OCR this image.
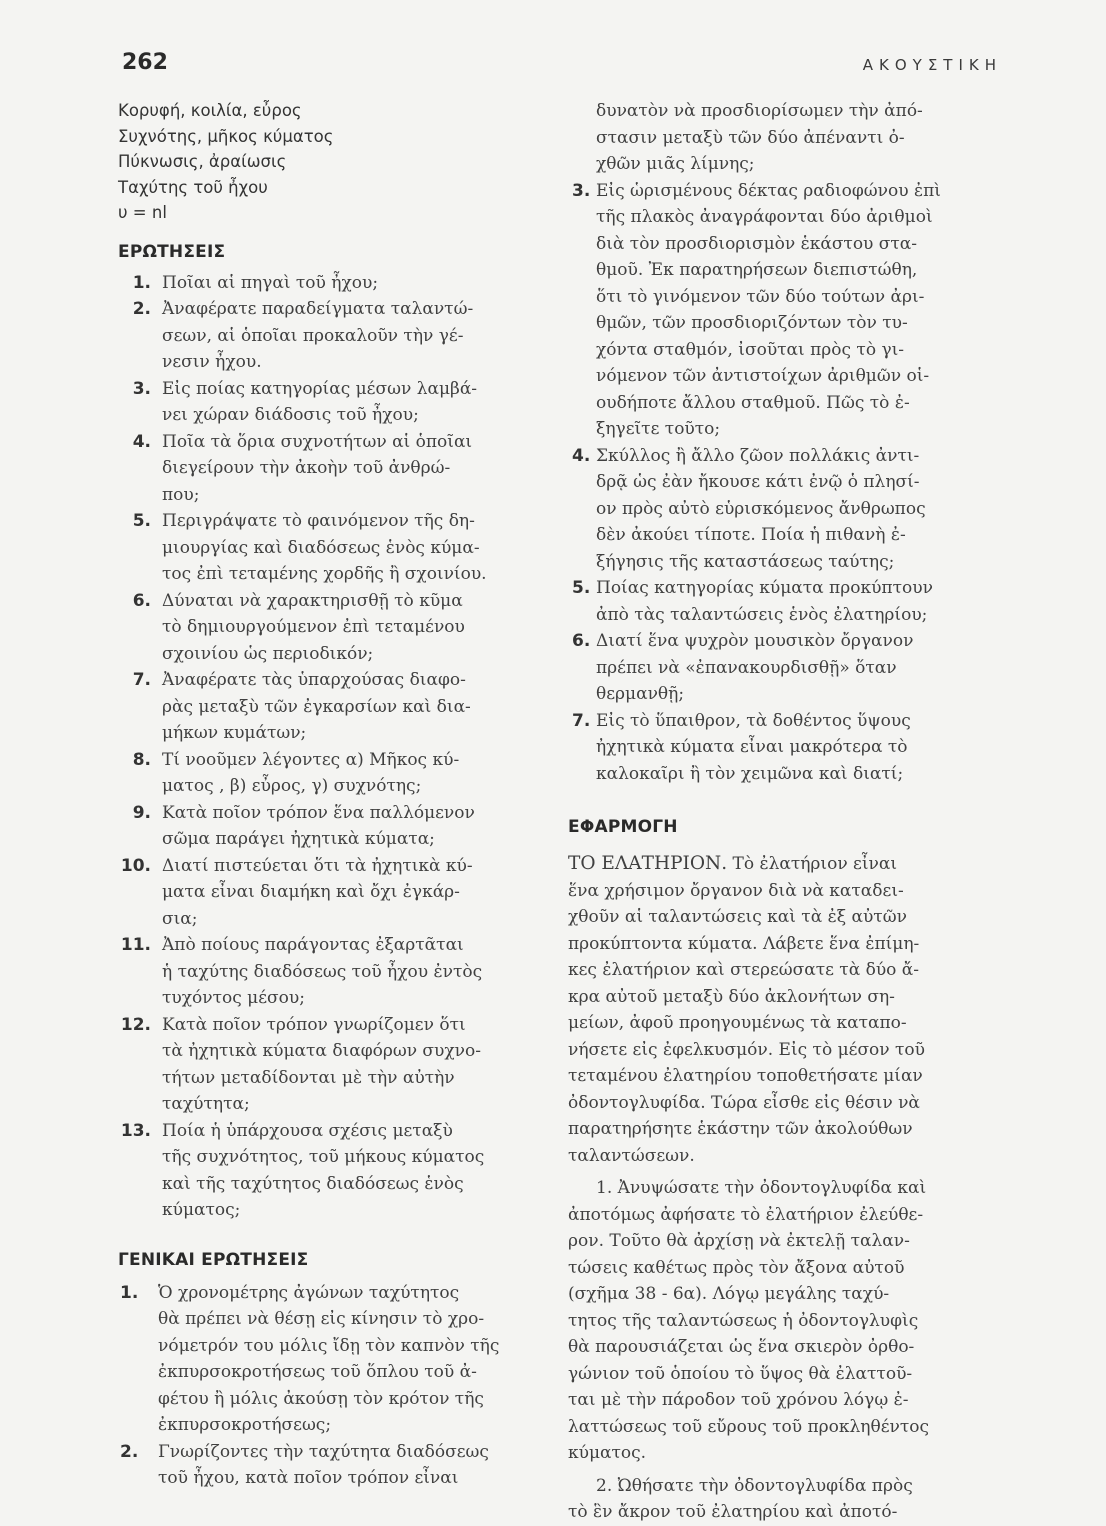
262	ΑΚΟΥΣΤΙΚΗ
Κορυφή, κοιλία, εὖρος
Συχνότης, μῆκος κύματος
Πύκνωσις, ἀραίωσις
Ταχύτης τοῦ ἦχου
υ = nl
ΕΡΩΤΗΣΕΙΣ
1. Ποῖαι αἱ πηγαὶ τοῦ ἦχου;
2. Ἀναφέρατε παραδείγματα ταλαντώ-
σεων, αἱ ὁποῖαι προκαλοῦν τὴν γέ-
νεσιν ἦχου.
3. Εἰς ποίας κατηγορίας μέσων λαμβά-
νει χώραν διάδοσις τοῦ ἦχου;
4. Ποῖα τὰ ὅρια συχνοτήτων αἱ ὁποῖαι
διεγείρουν τὴν ἀκοὴν τοῦ ἀνθρώ-
που;
5. Περιγράψατε τὸ φαινόμενον τῆς δη-
μιουργίας καὶ διαδόσεως ἑνὸς κύμα-
τος ἐπὶ τεταμένης χορδῆς ἢ σχοινίου.
6. Δύναται νὰ χαρακτηρισθῇ τὸ κῦμα
τὸ δημιουργούμενον ἐπὶ τεταμένου
σχοινίου ὡς περιοδικόν;
7. Ἀναφέρατε τὰς ὑπαρχούσας διαφο-
ρὰς μεταξὺ τῶν ἐγκαρσίων καὶ δια-
μήκων κυμάτων;
8. Τί νοοῦμεν λέγοντες α) Μῆκος κύ-
ματος , β) εὖρος, γ) συχνότης;
9. Κατὰ ποῖον τρόπον ἕνα παλλόμενον
σῶμα παράγει ἠχητικὰ κύματα;
10. Διατί πιστεύεται ὅτι τὰ ἠχητικὰ κύ-
ματα εἶναι διαμήκη καὶ ὄχι ἐγκάρ-
σια;
11. Ἀπὸ ποίους παράγοντας ἐξαρτᾶται
ἡ ταχύτης διαδόσεως τοῦ ἦχου ἐντὸς
τυχόντος μέσου;
12. Κατὰ ποῖον τρόπον γνωρίζομεν ὅτι
τὰ ἠχητικὰ κύματα διαφόρων συχνο-
τήτων μεταδίδονται μὲ τὴν αὐτὴν
ταχύτητα;
13. Ποία ἡ ὑπάρχουσα σχέσις μεταξὺ
τῆς συχνότητος, τοῦ μήκους κύματος
καὶ τῆς ταχύτητος διαδόσεως ἑνὸς
κύματος;
ΓΕΝΙΚΑΙ ΕΡΩΤΗΣΕΙΣ
1. Ὁ χρονομέτρης ἀγώνων ταχύτητος
θὰ πρέπει νὰ θέσῃ εἰς κίνησιν τὸ χρο-
νόμετρόν του μόλις ἴδῃ τὸν καπνὸν τῆς
ἐκπυρσοκροτήσεως τοῦ ὅπλου τοῦ ἀ-
φέτου ἢ μόλις ἀκούσῃ τὸν κρότον τῆς
ἐκπυρσοκροτήσεως;
2. Γνωρίζοντες τὴν ταχύτητα διαδόσεως
τοῦ ἦχου, κατὰ ποῖον τρόπον εἶναι
δυνατὸν νὰ προσδιορίσωμεν τὴν ἀπό-
στασιν μεταξὺ τῶν δύο ἀπέναντι ὀ-
χθῶν μιᾶς λίμνης;
3. Εἰς ὡρισμένους δέκτας ραδιοφώνου ἐπὶ
τῆς πλακὸς ἀναγράφονται δύο ἀριθμοὶ
διὰ τὸν προσδιορισμὸν ἑκάστου στα-
θμοῦ. Ἐκ παρατηρήσεων διεπιστώθη,
ὅτι τὸ γινόμενον τῶν δύο τούτων ἀρι-
θμῶν, τῶν προσδιοριζόντων τὸν τυ-
χόντα σταθμόν, ἰσοῦται πρὸς τὸ γι-
νόμενον τῶν ἀντιστοίχων ἀριθμῶν οἱ-
ουδήποτε ἄλλου σταθμοῦ. Πῶς τὸ ἐ-
ξηγεῖτε τοῦτο;
4. Σκύλλος ἢ ἄλλο ζῶον πολλάκις ἀντι-
δρᾷ ὡς ἐὰν ἤκουσε κάτι ἐνῷ ὁ πλησί-
ον πρὸς αὐτὸ εὑρισκόμενος ἄνθρωπος
δὲν ἀκούει τίποτε. Ποία ἡ πιθανὴ ἐ-
ξήγησις τῆς καταστάσεως ταύτης;
5. Ποίας κατηγορίας κύματα προκύπτουν
ἀπὸ τὰς ταλαντώσεις ἑνὸς ἐλατηρίου;
6. Διατί ἕνα ψυχρὸν μουσικὸν ὄργανον
πρέπει νὰ «ἐπανακουρδισθῇ» ὅταν
θερμανθῇ;
7. Εἰς τὸ ὕπαιθρον, τὰ δοθέντος ὕψους
ἠχητικὰ κύματα εἶναι μακρότερα τὸ
καλοκαῖρι ἢ τὸν χειμῶνα καὶ διατί;
ΕΦΑΡΜΟΓΗ
ΤΟ ΕΛΑΤΗΡΙΟΝ. Τὸ ἐλατήριον εἶναι
ἕνα χρήσιμον ὄργανον διὰ νὰ καταδει-
χθοῦν αἱ ταλαντώσεις καὶ τὰ ἐξ αὐτῶν
προκύπτοντα κύματα. Λάβετε ἕνα ἐπίμη-
κες ἐλατήριον καὶ στερεώσατε τὰ δύο ἄ-
κρα αὐτοῦ μεταξὺ δύο ἀκλονήτων ση-
μείων, ἀφοῦ προηγουμένως τὰ καταπο-
νήσετε εἰς ἐφελκυσμόν. Εἰς τὸ μέσον τοῦ
τεταμένου ἐλατηρίου τοποθετήσατε μίαν
ὀδοντογλυφίδα. Τώρα εἶσθε εἰς θέσιν νὰ
παρατηρήσητε ἑκάστην τῶν ἀκολούθων
ταλαντώσεων.
1. Ἀνυψώσατε τὴν ὀδοντογλυφίδα καὶ
ἀποτόμως ἀφήσατε τὸ ἐλατήριον ἐλεύθε-
ρον. Τοῦτο θὰ ἀρχίσῃ νὰ ἐκτελῇ ταλαν-
τώσεις καθέτως πρὸς τὸν ἄξονα αὐτοῦ
(σχῆμα 38 - 6α). Λόγῳ μεγάλης ταχύ-
τητος τῆς ταλαντώσεως ἡ ὀδοντογλυφὶς
θὰ παρουσιάζεται ὡς ἕνα σκιερὸν ὀρθο-
γώνιον τοῦ ὁποίου τὸ ὕψος θὰ ἐλαττοῦ-
ται μὲ τὴν πάροδον τοῦ χρόνου λόγῳ ἐ-
λαττώσεως τοῦ εὔρους τοῦ προκληθέντος
κύματος.
2. Ὠθήσατε τὴν ὀδοντογλυφίδα πρὸς
τὸ ἓν ἄκρον τοῦ ἐλατηρίου καὶ ἀποτό-
